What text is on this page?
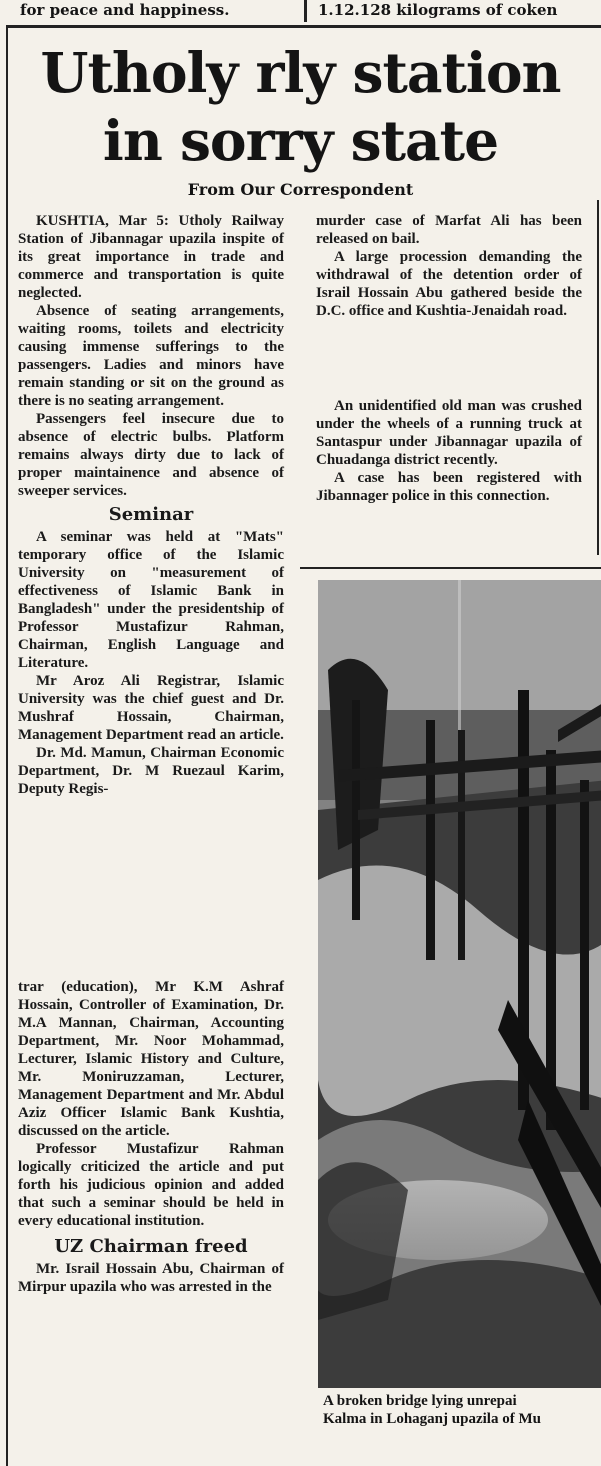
for peace and happiness.	1.12.128 kilograms of coken
Utholy rly station
in sorry state
From Our Correspondent

KUSHTIA, Mar 5: Utholy Railway Station of Jibannagar upazila inspite of its great importance in trade and commerce and transportation is quite neglected.

Absence of seating arrangements, waiting rooms, toilets and electricity causing immense sufferings to the passengers. Ladies and minors have remain standing or sit on the ground as there is no seating arrangement.

Passengers feel insecure due to absence of electric bulbs. Platform remains always dirty due to lack of proper maintainence and absence of sweeper services.

Seminar

A seminar was held at "Mats" temporary office of the Islamic University on "measurement of effectiveness of Islamic Bank in Bangladesh" under the presidentship of Professor Mustafizur Rahman, Chairman, English Language and Literature.

Mr Aroz Ali Registrar, Islamic University was the chief guest and Dr. Mushraf Hossain, Chairman, Management Department read an article.

Dr. Md. Mamun, Chairman Economic Department, Dr. M Ruezaul Karim, Deputy Regis-

trar (education), Mr K.M Ashraf Hossain, Controller of Examination, Dr. M.A Mannan, Chairman, Accounting Department, Mr. Noor Mohammad, Lecturer, Islamic History and Culture, Mr. Moniruzzaman, Lecturer, Management Department and Mr. Abdul Aziz Officer Islamic Bank Kushtia, discussed on the article.

Professor Mustafizur Rahman logically criticized the article and put forth his judicious opinion and added that such a seminar should be held in every educational institution.

UZ Chairman freed

Mr. Israil Hossain Abu, Chairman of Mirpur upazila who was arrested in the

murder case of Marfat Ali has been released on bail.

A large procession demanding the withdrawal of the detention order of Israil Hossain Abu gathered beside the D.C. office and Kushtia-Jenaidah road.

An unidentified old man was crushed under the wheels of a running truck at Santaspur under Jibannagar upazila of Chuadanga district recently.

A case has been registered with Jibannager police in this connection.

A broken bridge lying unrepai
Kalma in Lohaganj upazila of Mu
